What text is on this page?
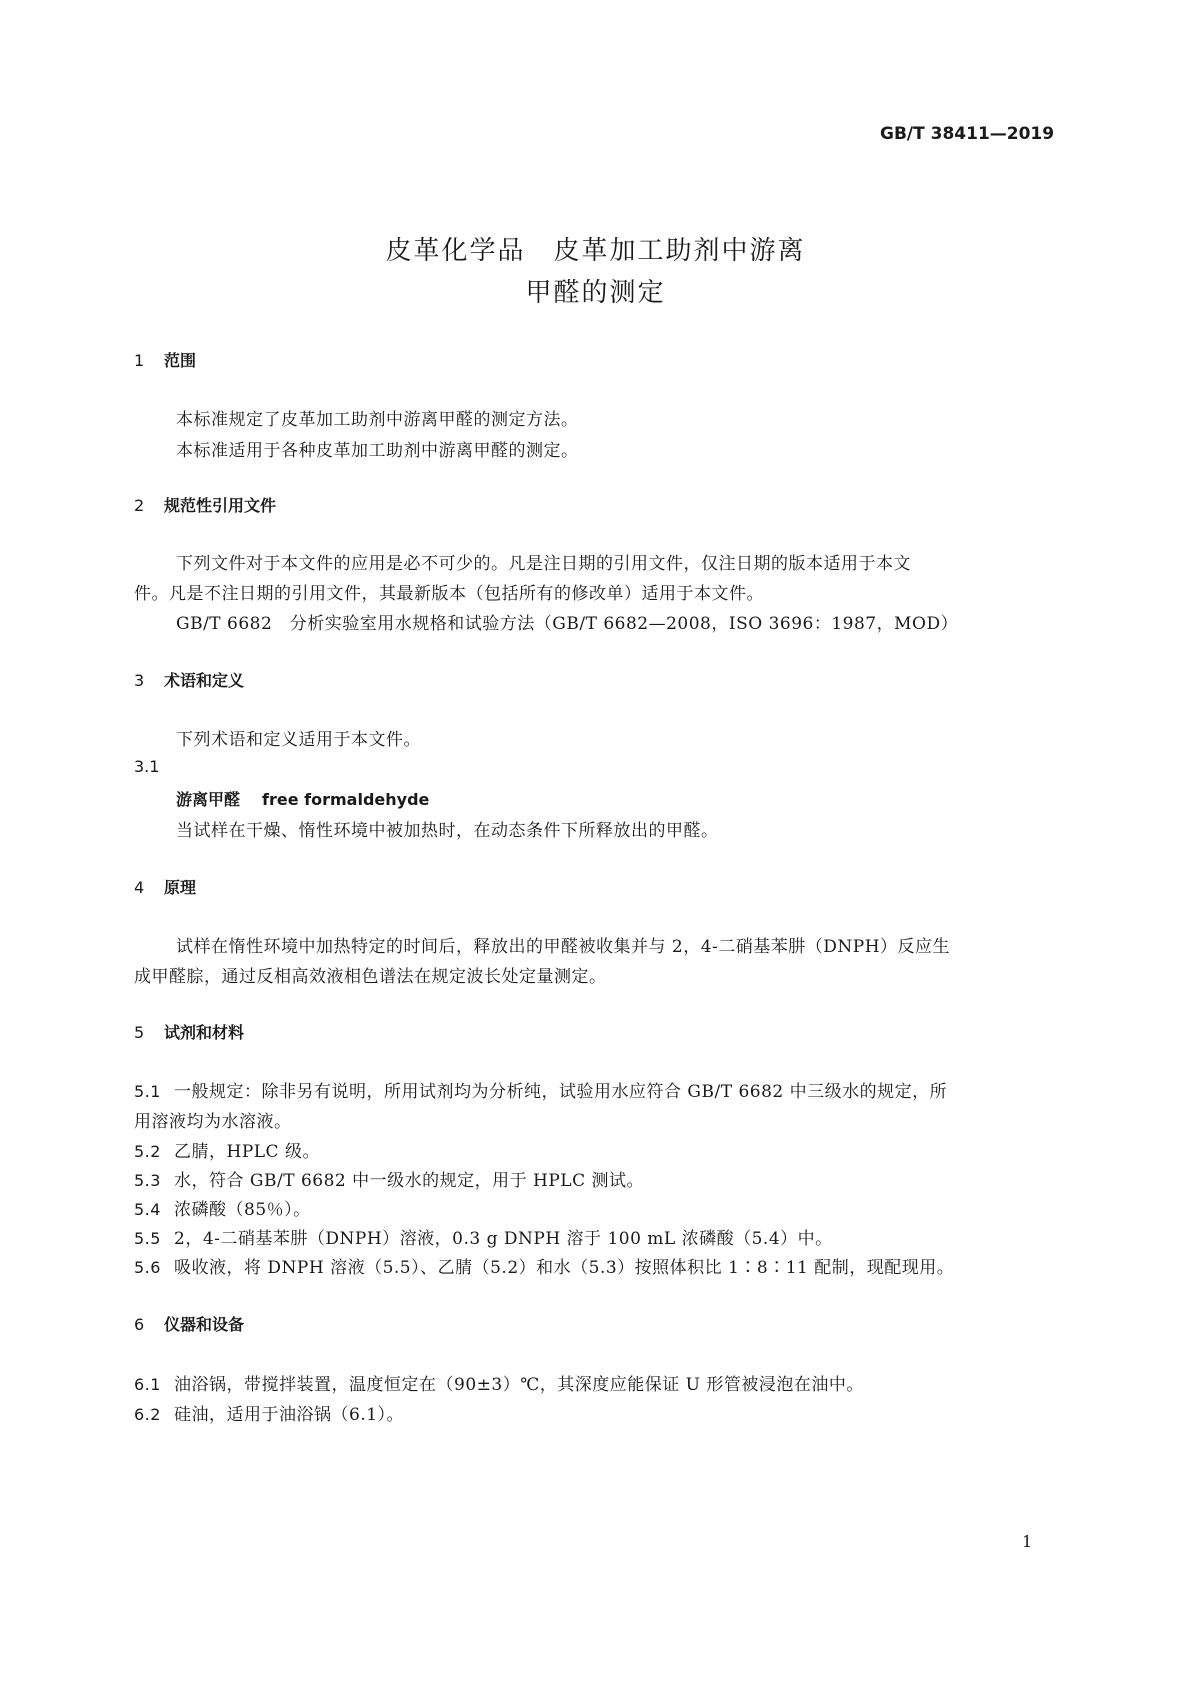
GB/T 38411—2019
皮革化学品　皮革加工助剂中游离
甲醛的测定
1 范围
本标准规定了皮革加工助剂中游离甲醛的测定方法。
本标准适用于各种皮革加工助剂中游离甲醛的测定。
2 规范性引用文件
下列文件对于本文件的应用是必不可少的。凡是注日期的引用文件，仅注日期的版本适用于本文
件。凡是不注日期的引用文件，其最新版本（包括所有的修改单）适用于本文件。
GB/T 6682　分析实验室用水规格和试验方法（GB/T 6682—2008，ISO 3696：1987，MOD）
3 术语和定义
下列术语和定义适用于本文件。
3.1
游离甲醛 free formaldehyde
当试样在干燥、惰性环境中被加热时，在动态条件下所释放出的甲醛。
4 原理
试样在惰性环境中加热特定的时间后，释放出的甲醛被收集并与 2，4-二硝基苯肼（DNPH）反应生
成甲醛腙，通过反相高效液相色谱法在规定波长处定量测定。
5 试剂和材料
5.1 一般规定：除非另有说明，所用试剂均为分析纯，试验用水应符合 GB/T 6682 中三级水的规定，所
用溶液均为水溶液。
5.2 乙腈，HPLC 级。
5.3 水，符合 GB/T 6682 中一级水的规定，用于 HPLC 测试。
5.4 浓磷酸（85％）。
5.5 2，4-二硝基苯肼（DNPH）溶液，0.3 g DNPH 溶于 100 mL 浓磷酸（5.4）中。
5.6 吸收液，将 DNPH 溶液（5.5）、乙腈（5.2）和水（5.3）按照体积比 1∶8∶11 配制，现配现用。
6 仪器和设备
6.1 油浴锅，带搅拌装置，温度恒定在（90±3）℃，其深度应能保证 U 形管被浸泡在油中。
6.2 硅油，适用于油浴锅（6.1）。
1
